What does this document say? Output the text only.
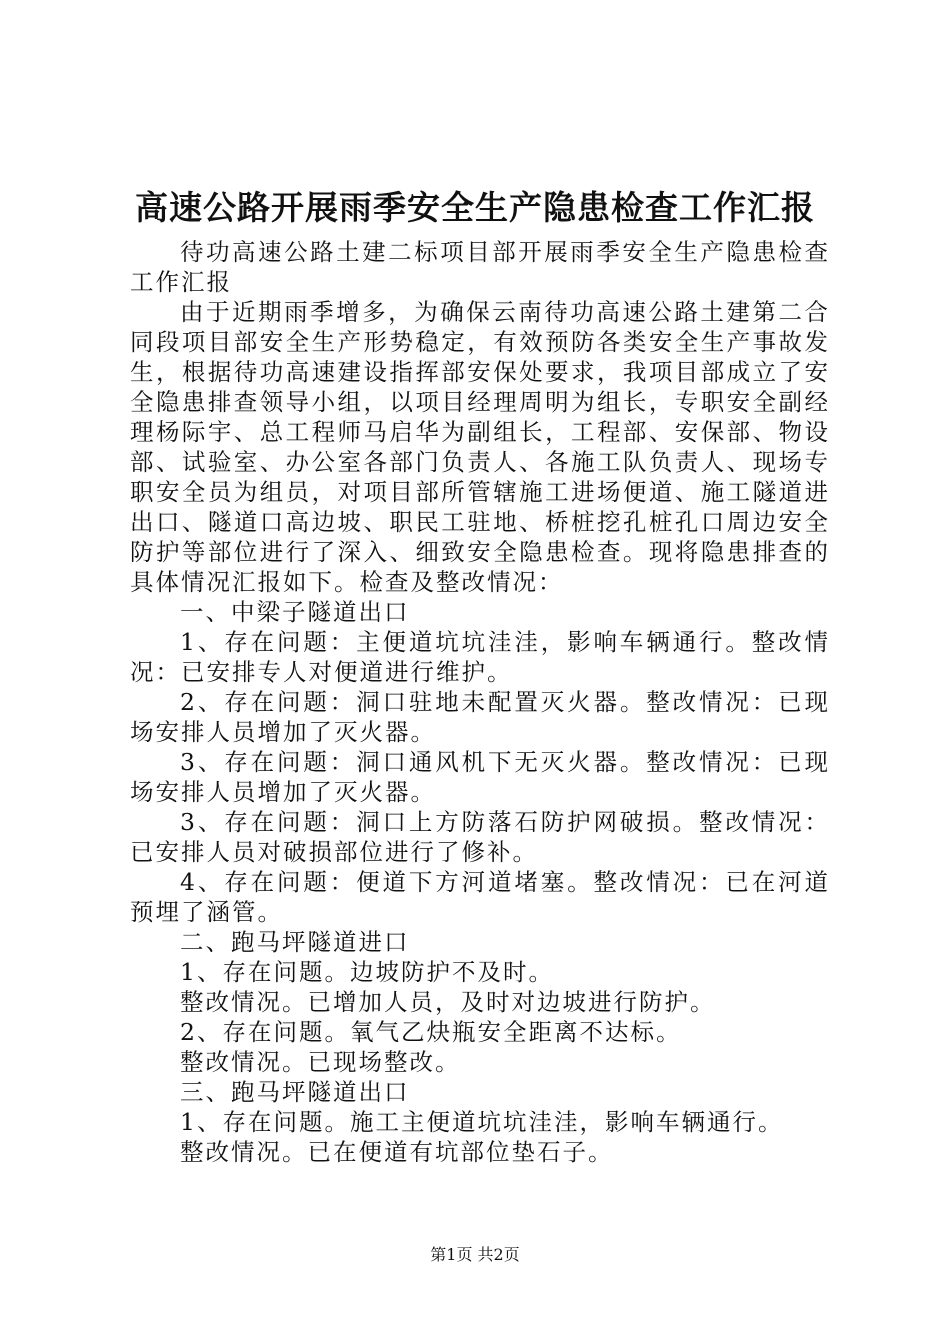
高速公路开展雨季安全生产隐患检查工作汇报

待功高速公路土建二标项目部开展雨季安全生产隐患检查工作汇报

由于近期雨季增多，为确保云南待功高速公路土建第二合同段项目部安全生产形势稳定，有效预防各类安全生产事故发生，根据待功高速建设指挥部安保处要求，我项目部成立了安全隐患排查领导小组，以项目经理周明为组长，专职安全副经理杨际宇、总工程师马启华为副组长，工程部、安保部、物设部、试验室、办公室各部门负责人、各施工队负责人、现场专职安全员为组员，对项目部所管辖施工进场便道、施工隧道进出口、隧道口高边坡、职民工驻地、桥桩挖孔桩孔口周边安全防护等部位进行了深入、细致安全隐患检查。现将隐患排查的具体情况汇报如下。检查及整改情况：

一、中梁子隧道出口

1、存在问题：主便道坑坑洼洼，影响车辆通行。整改情况：已安排专人对便道进行维护。

2、存在问题：洞口驻地未配置灭火器。整改情况：已现场安排人员增加了灭火器。

3、存在问题：洞口通风机下无灭火器。整改情况：已现场安排人员增加了灭火器。

3、存在问题：洞口上方防落石防护网破损。整改情况：已安排人员对破损部位进行了修补。

4、存在问题：便道下方河道堵塞。整改情况：已在河道预埋了涵管。

二、跑马坪隧道进口

1、存在问题。边坡防护不及时。

整改情况。已增加人员，及时对边坡进行防护。

2、存在问题。氧气乙炔瓶安全距离不达标。

整改情况。已现场整改。

三、跑马坪隧道出口

1、存在问题。施工主便道坑坑洼洼，影响车辆通行。

整改情况。已在便道有坑部位垫石子。

第1页 共2页
